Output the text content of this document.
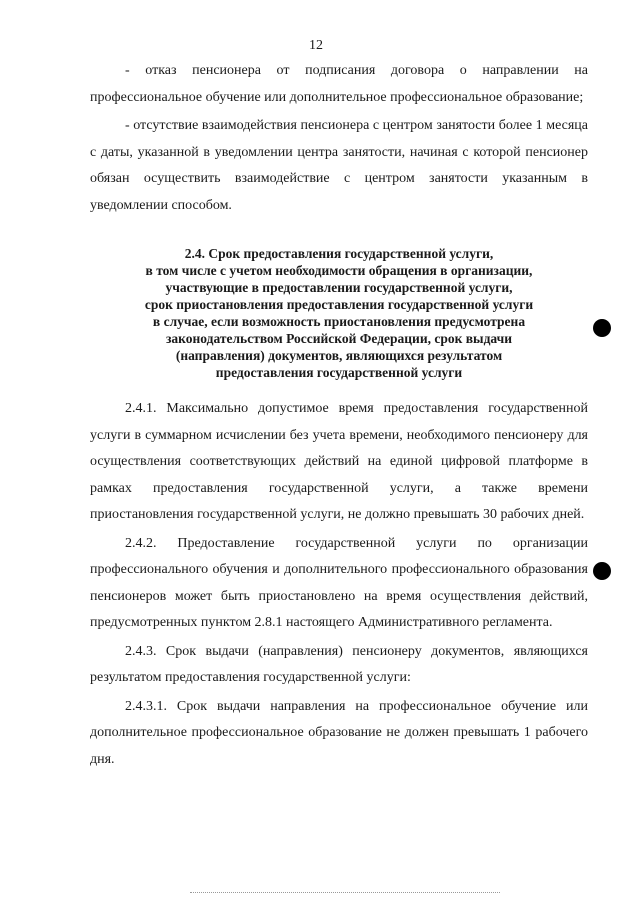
12

- отказ пенсионера от подписания договора о направлении на профессиональное обучение или дополнительное профессиональное образование;

- отсутствие взаимодействия пенсионера с центром занятости более 1 месяца с даты, указанной в уведомлении центра занятости, начиная с которой пенсионер обязан осуществить взаимодействие с центром занятости указанным в уведомлении способом.

2.4. Срок предоставления государственной услуги,
в том числе с учетом необходимости обращения в организации,
участвующие в предоставлении государственной услуги,
срок приостановления предоставления государственной услуги
в случае, если возможность приостановления предусмотрена
законодательством Российской Федерации, срок выдачи
(направления) документов, являющихся результатом
предоставления государственной услуги

2.4.1. Максимально допустимое время предоставления государственной услуги в суммарном исчислении без учета времени, необходимого пенсионеру для осуществления соответствующих действий на единой цифровой платформе в рамках предоставления государственной услуги, а также времени приостановления государственной услуги, не должно превышать 30 рабочих дней.

2.4.2. Предоставление государственной услуги по организации профессионального обучения и дополнительного профессионального образования пенсионеров может быть приостановлено на время осуществления действий, предусмотренных пунктом 2.8.1 настоящего Административного регламента.

2.4.3. Срок выдачи (направления) пенсионеру документов, являющихся результатом предоставления государственной услуги:

2.4.3.1. Срок выдачи направления на профессиональное обучение или дополнительное профессиональное образование не должен превышать 1 рабочего дня.
